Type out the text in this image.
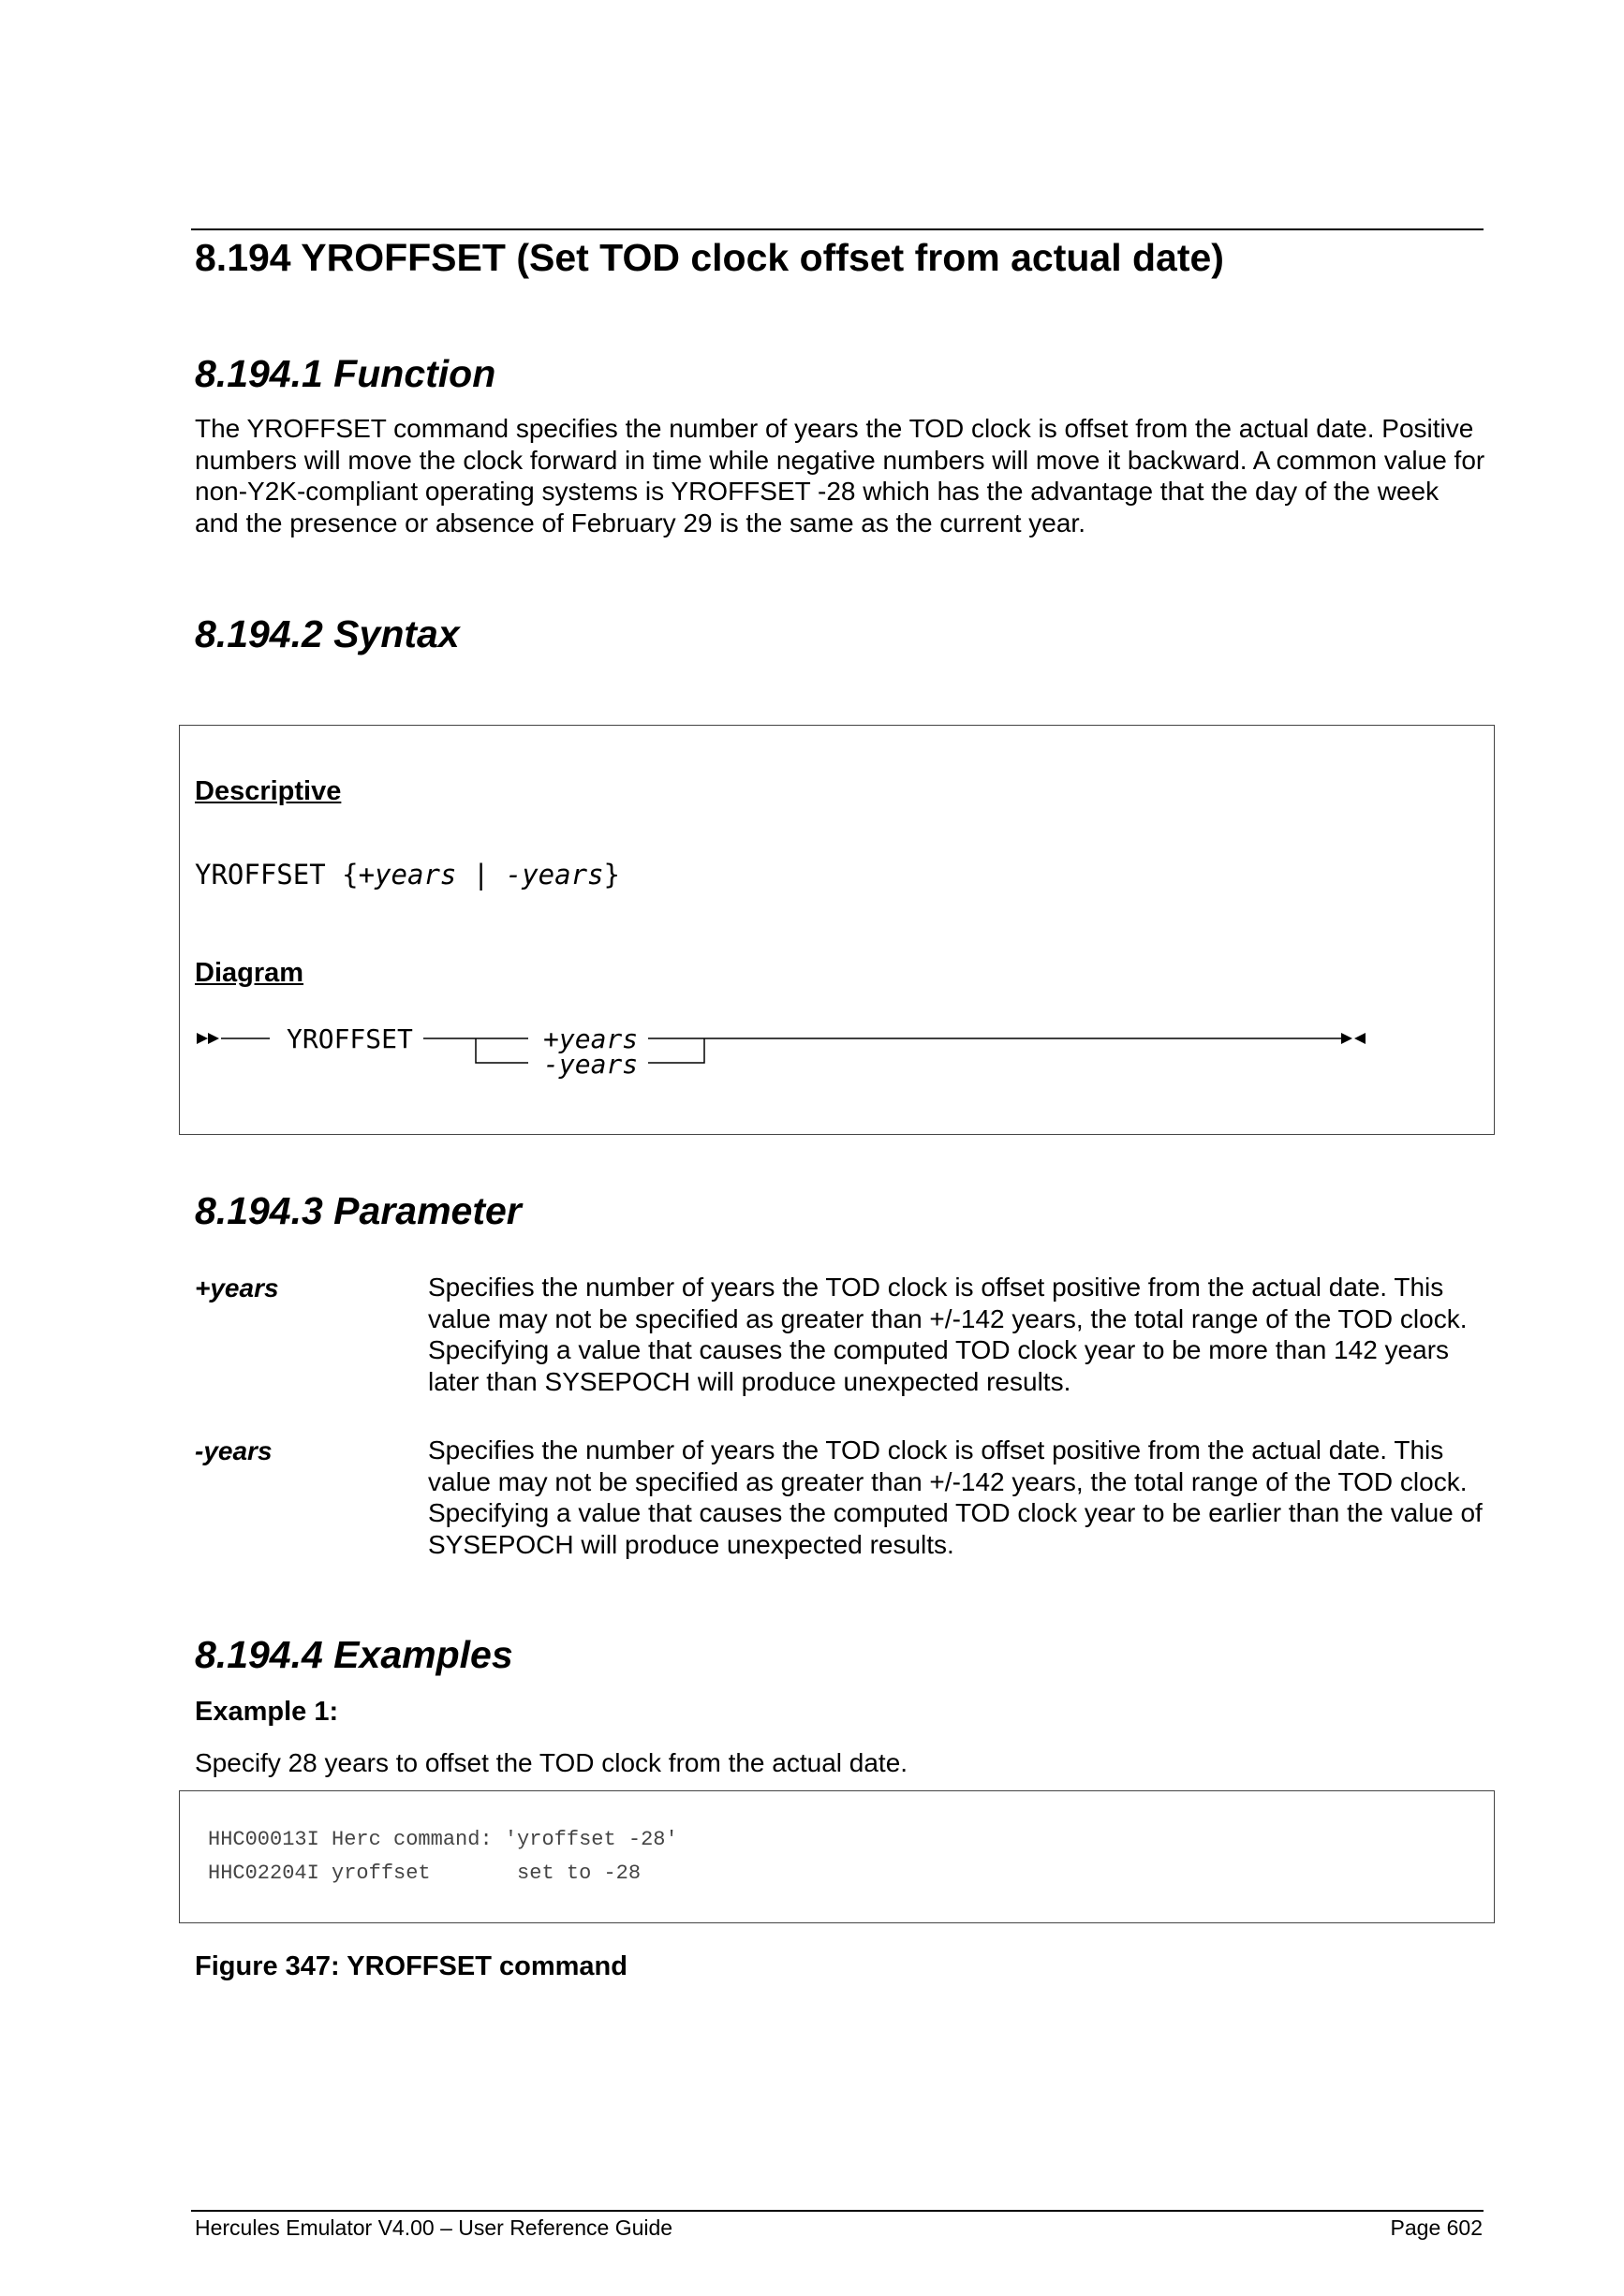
8.194 YROFFSET (Set TOD clock offset from actual date)
8.194.1 Function
The YROFFSET command specifies the number of years the TOD clock is offset from the actual date. Positive numbers will move the clock forward in time while negative numbers will move it backward. A common value for non-Y2K-compliant operating systems is YROFFSET -28 which has the advantage that the day of the week and the presence or absence of February 29 is the same as the current year.
8.194.2 Syntax
Descriptive
YROFFSET {+years | -years}
Diagram
YROFFSET	+years
-years
8.194.3 Parameter
+years	Specifies the number of years the TOD clock is offset positive from the actual date. This value may not be specified as greater than +/-142 years, the total range of the TOD clock. Specifying a value that causes the computed TOD clock year to be more than 142 years later than SYSEPOCH will produce unexpected results.
-years	Specifies the number of years the TOD clock is offset positive from the actual date. This value may not be specified as greater than +/-142 years, the total range of the TOD clock. Specifying a value that causes the computed TOD clock year to be earlier than the value of SYSEPOCH will produce unexpected results.
8.194.4 Examples
Example 1:
Specify 28 years to offset the TOD clock from the actual date.
HHC00013I Herc command: 'yroffset -28'
HHC02204I yroffset       set to -28
Figure 347: YROFFSET command
Hercules Emulator V4.00 – User Reference Guide	Page 602
